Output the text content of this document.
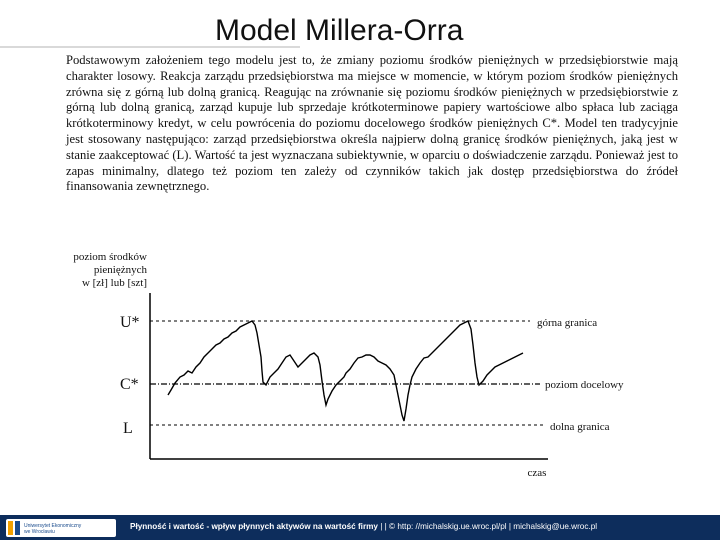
Model Millera-Orra
Podstawowym założeniem tego modelu jest to, że zmiany poziomu środków pieniężnych w przedsiębiorstwie mają charakter losowy. Reakcja zarządu przedsiębiorstwa ma miejsce w momencie, w którym poziom środków pieniężnych zrówna się z górną lub dolną granicą. Reagując na zrównanie się poziomu środków pieniężnych w przedsiębiorstwie z górną lub dolną granicą, zarząd kupuje lub sprzedaje krótkoterminowe papiery wartościowe albo spłaca lub zaciąga krótkoterminowy kredyt, w celu powrócenia do poziomu docelowego środków pieniężnych C*. Model ten tradycyjnie jest stosowany następująco: zarząd przedsiębiorstwa określa najpierw dolną granicę środków pieniężnych, jaką jest w stanie zaakceptować (L). Wartość ta jest wyznaczana subiektywnie, w oparciu o doświadczenie zarządu. Ponieważ jest to zapas minimalny, dlatego też poziom ten zależy od czynników takich jak dostęp przedsiębiorstwa do źródeł finansowania zewnętrznego.
poziom środków
pieniężnych
w [zł] lub [szt]
czas
U*
C*
L
górna granica
poziom docelowy
dolna granica
Uniwersytet Ekonomiczny
we Wrocławiu
Płynność i wartość - wpływ płynnych aktywów na wartość firmy | | © http: //michalskig.ue.wroc.pl/pl | michalskig@ue.wroc.pl
